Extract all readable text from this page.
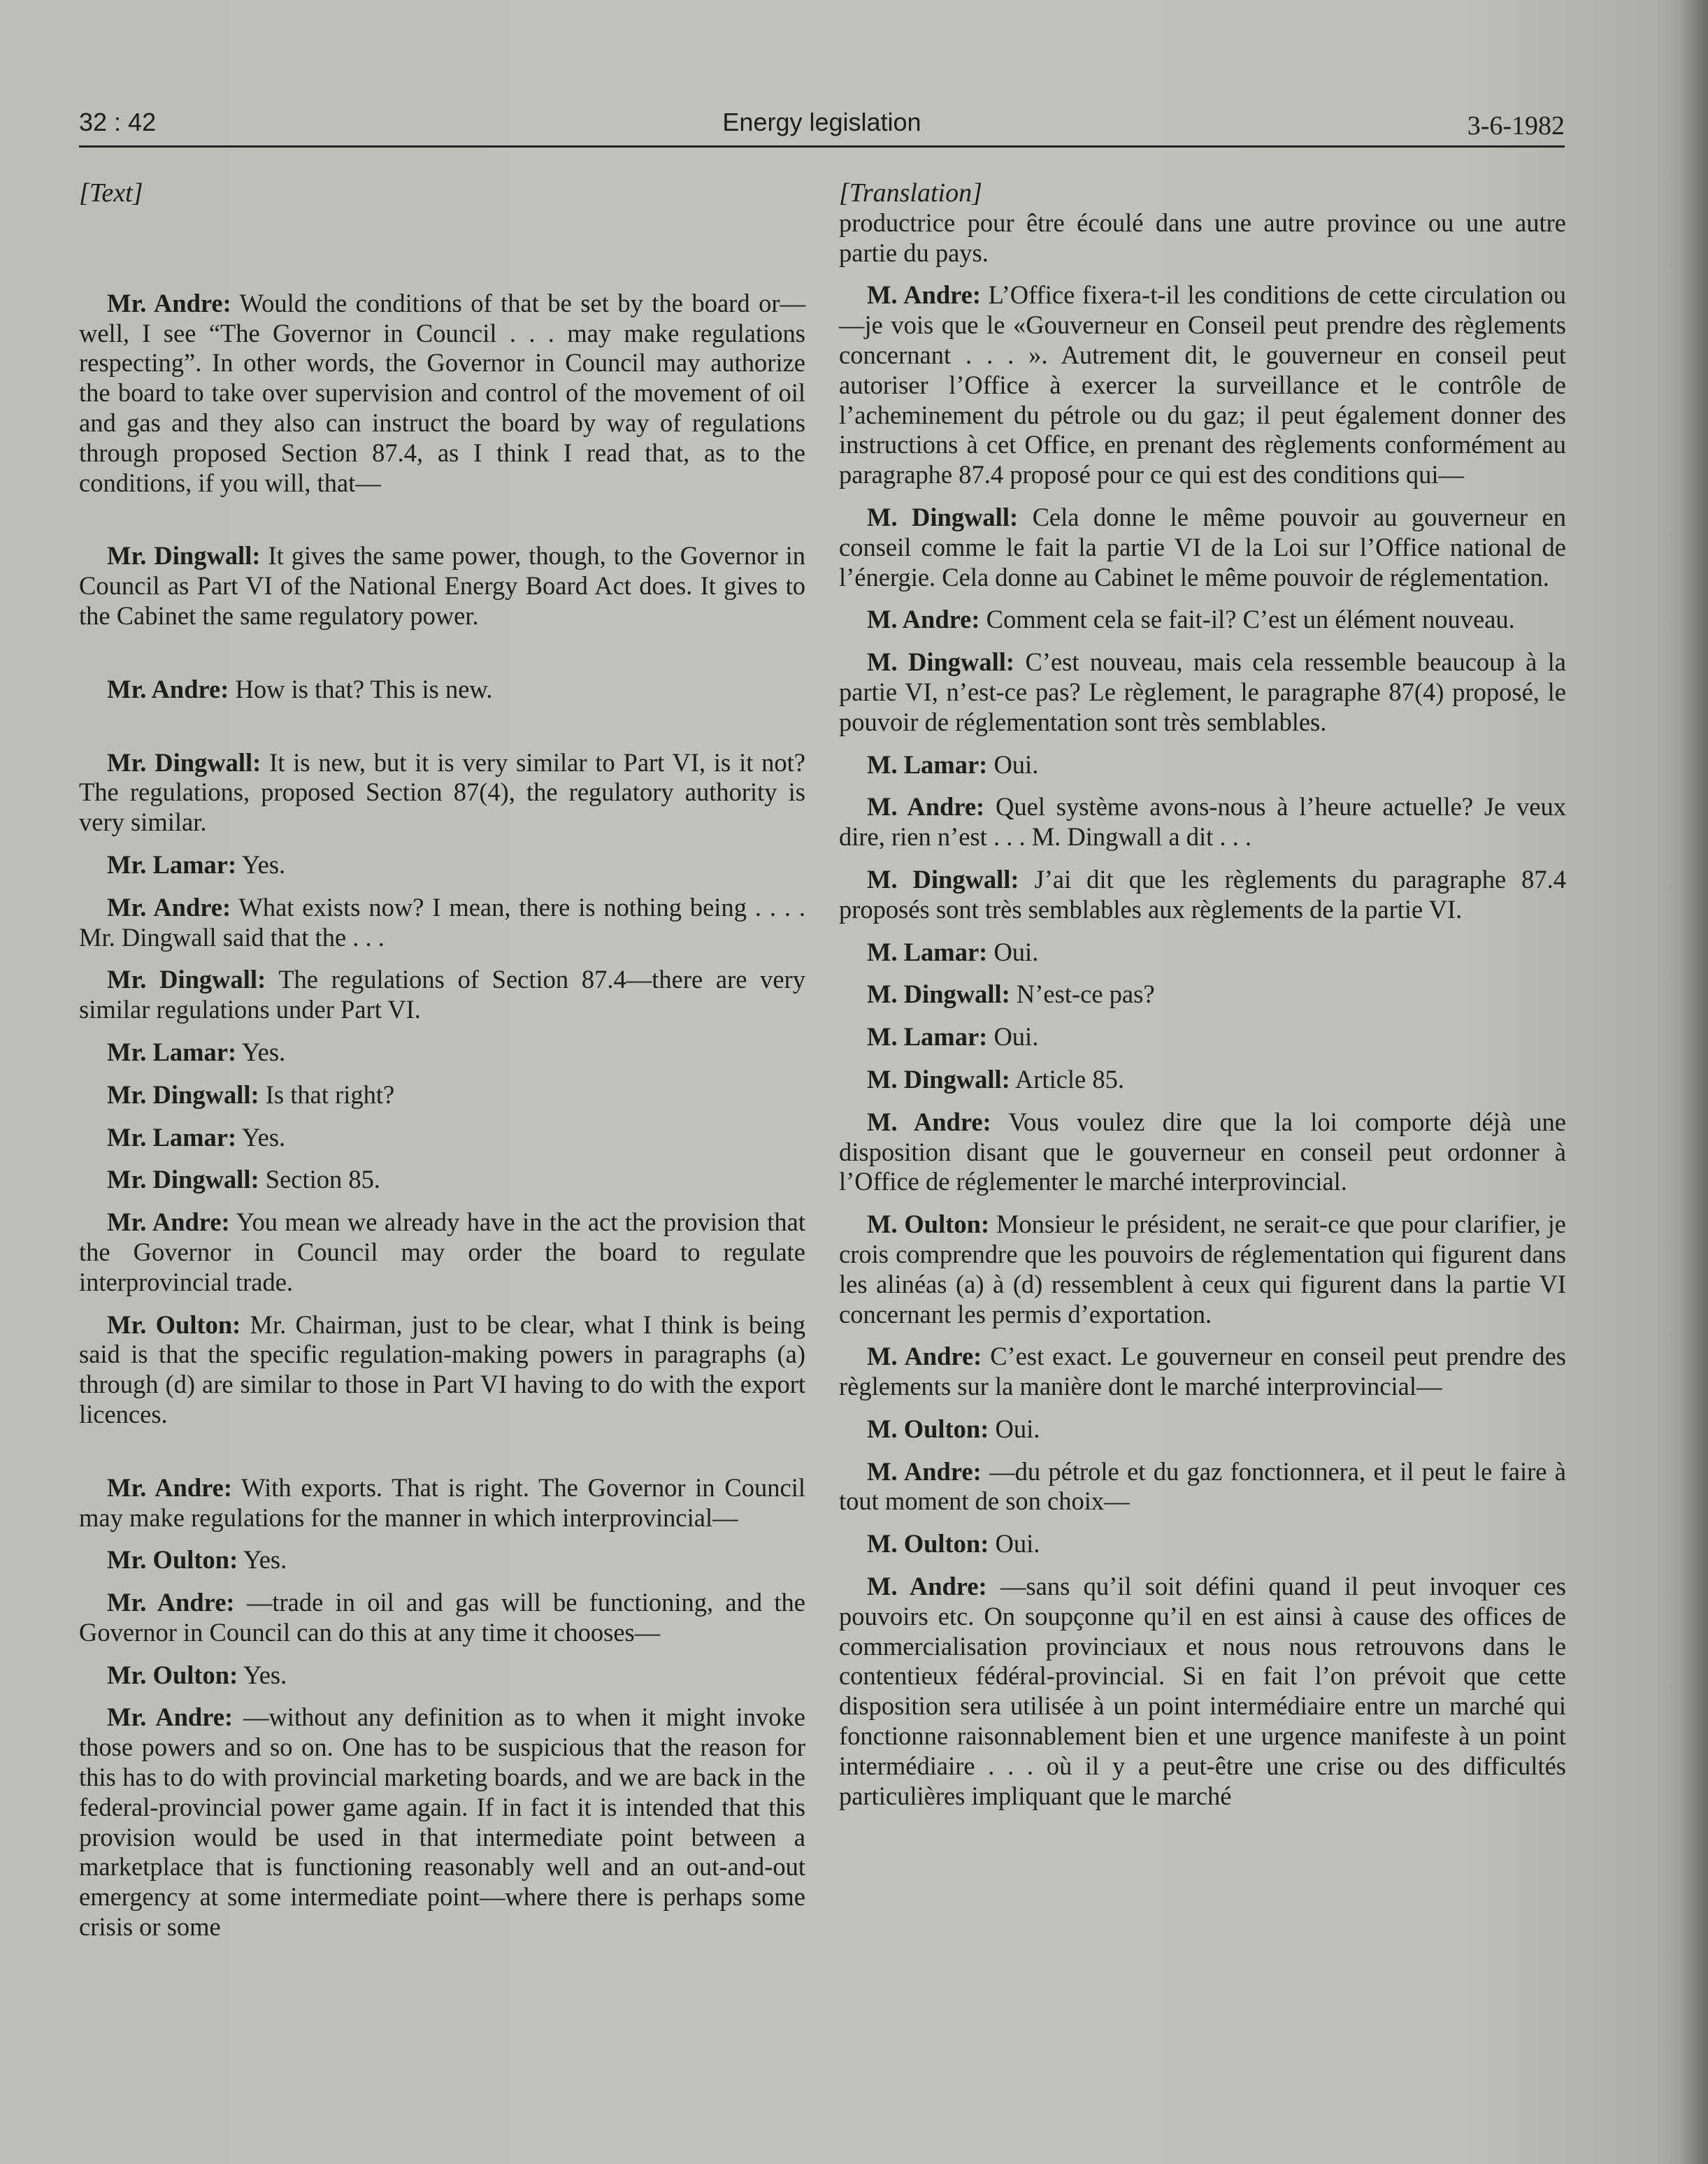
32 : 42	Energy legislation	3-6-1982
[Text]

Mr. Andre: Would the conditions of that be set by the board or—well, I see “The Governor in Council . . . may make regulations respecting”. In other words, the Governor in Council may authorize the board to take over supervision and control of the movement of oil and gas and they also can instruct the board by way of regulations through proposed Section 87.4, as I think I read that, as to the conditions, if you will, that—

Mr. Dingwall: It gives the same power, though, to the Governor in Council as Part VI of the National Energy Board Act does. It gives to the Cabinet the same regulatory power.

Mr. Andre: How is that? This is new.

Mr. Dingwall: It is new, but it is very similar to Part VI, is it not? The regulations, proposed Section 87(4), the regulatory authority is very similar.

Mr. Lamar: Yes.

Mr. Andre: What exists now? I mean, there is nothing being . . . . Mr. Dingwall said that the . . .

Mr. Dingwall: The regulations of Section 87.4—there are very similar regulations under Part VI.

Mr. Lamar: Yes.

Mr. Dingwall: Is that right?

Mr. Lamar: Yes.

Mr. Dingwall: Section 85.

Mr. Andre: You mean we already have in the act the provision that the Governor in Council may order the board to regulate interprovincial trade.

Mr. Oulton: Mr. Chairman, just to be clear, what I think is being said is that the specific regulation-making powers in paragraphs (a) through (d) are similar to those in Part VI having to do with the export licences.

Mr. Andre: With exports. That is right. The Governor in Council may make regulations for the manner in which interprovincial—

Mr. Oulton: Yes.

Mr. Andre: —trade in oil and gas will be functioning, and the Governor in Council can do this at any time it chooses—

Mr. Oulton: Yes.

Mr. Andre: —without any definition as to when it might invoke those powers and so on. One has to be suspicious that the reason for this has to do with provincial marketing boards, and we are back in the federal-provincial power game again. If in fact it is intended that this provision would be used in that intermediate point between a marketplace that is functioning reasonably well and an out-and-out emergency at some intermediate point—where there is perhaps some crisis or some

[Translation]

productrice pour être écoulé dans une autre province ou une autre partie du pays.

M. Andre: L’Office fixera-t-il les conditions de cette circulation ou—je vois que le «Gouverneur en Conseil peut prendre des règlements concernant . . . ». Autrement dit, le gouverneur en conseil peut autoriser l’Office à exercer la surveillance et le contrôle de l’acheminement du pétrole ou du gaz; il peut également donner des instructions à cet Office, en prenant des règlements conformément au paragraphe 87.4 proposé pour ce qui est des conditions qui—

M. Dingwall: Cela donne le même pouvoir au gouverneur en conseil comme le fait la partie VI de la Loi sur l’Office national de l’énergie. Cela donne au Cabinet le même pouvoir de réglementation.

M. Andre: Comment cela se fait-il? C’est un élément nouveau.

M. Dingwall: C’est nouveau, mais cela ressemble beaucoup à la partie VI, n’est-ce pas? Le règlement, le paragraphe 87(4) proposé, le pouvoir de réglementation sont très semblables.

M. Lamar: Oui.

M. Andre: Quel système avons-nous à l’heure actuelle? Je veux dire, rien n’est . . . M. Dingwall a dit . . .

M. Dingwall: J’ai dit que les règlements du paragraphe 87.4 proposés sont très semblables aux règlements de la partie VI.

M. Lamar: Oui.

M. Dingwall: N’est-ce pas?

M. Lamar: Oui.

M. Dingwall: Article 85.

M. Andre: Vous voulez dire que la loi comporte déjà une disposition disant que le gouverneur en conseil peut ordonner à l’Office de réglementer le marché interprovincial.

M. Oulton: Monsieur le président, ne serait-ce que pour clarifier, je crois comprendre que les pouvoirs de réglementation qui figurent dans les alinéas (a) à (d) ressemblent à ceux qui figurent dans la partie VI concernant les permis d’exportation.

M. Andre: C’est exact. Le gouverneur en conseil peut prendre des règlements sur la manière dont le marché interprovincial—

M. Oulton: Oui.

M. Andre: —du pétrole et du gaz fonctionnera, et il peut le faire à tout moment de son choix—

M. Oulton: Oui.

M. Andre: —sans qu’il soit défini quand il peut invoquer ces pouvoirs etc. On soupçonne qu’il en est ainsi à cause des offices de commercialisation provinciaux et nous nous retrouvons dans le contentieux fédéral-provincial. Si en fait l’on prévoit que cette disposition sera utilisée à un point intermédiaire entre un marché qui fonctionne raisonnablement bien et une urgence manifeste à un point intermédiaire . . . où il y a peut-être une crise ou des difficultés particulières impliquant que le marché
